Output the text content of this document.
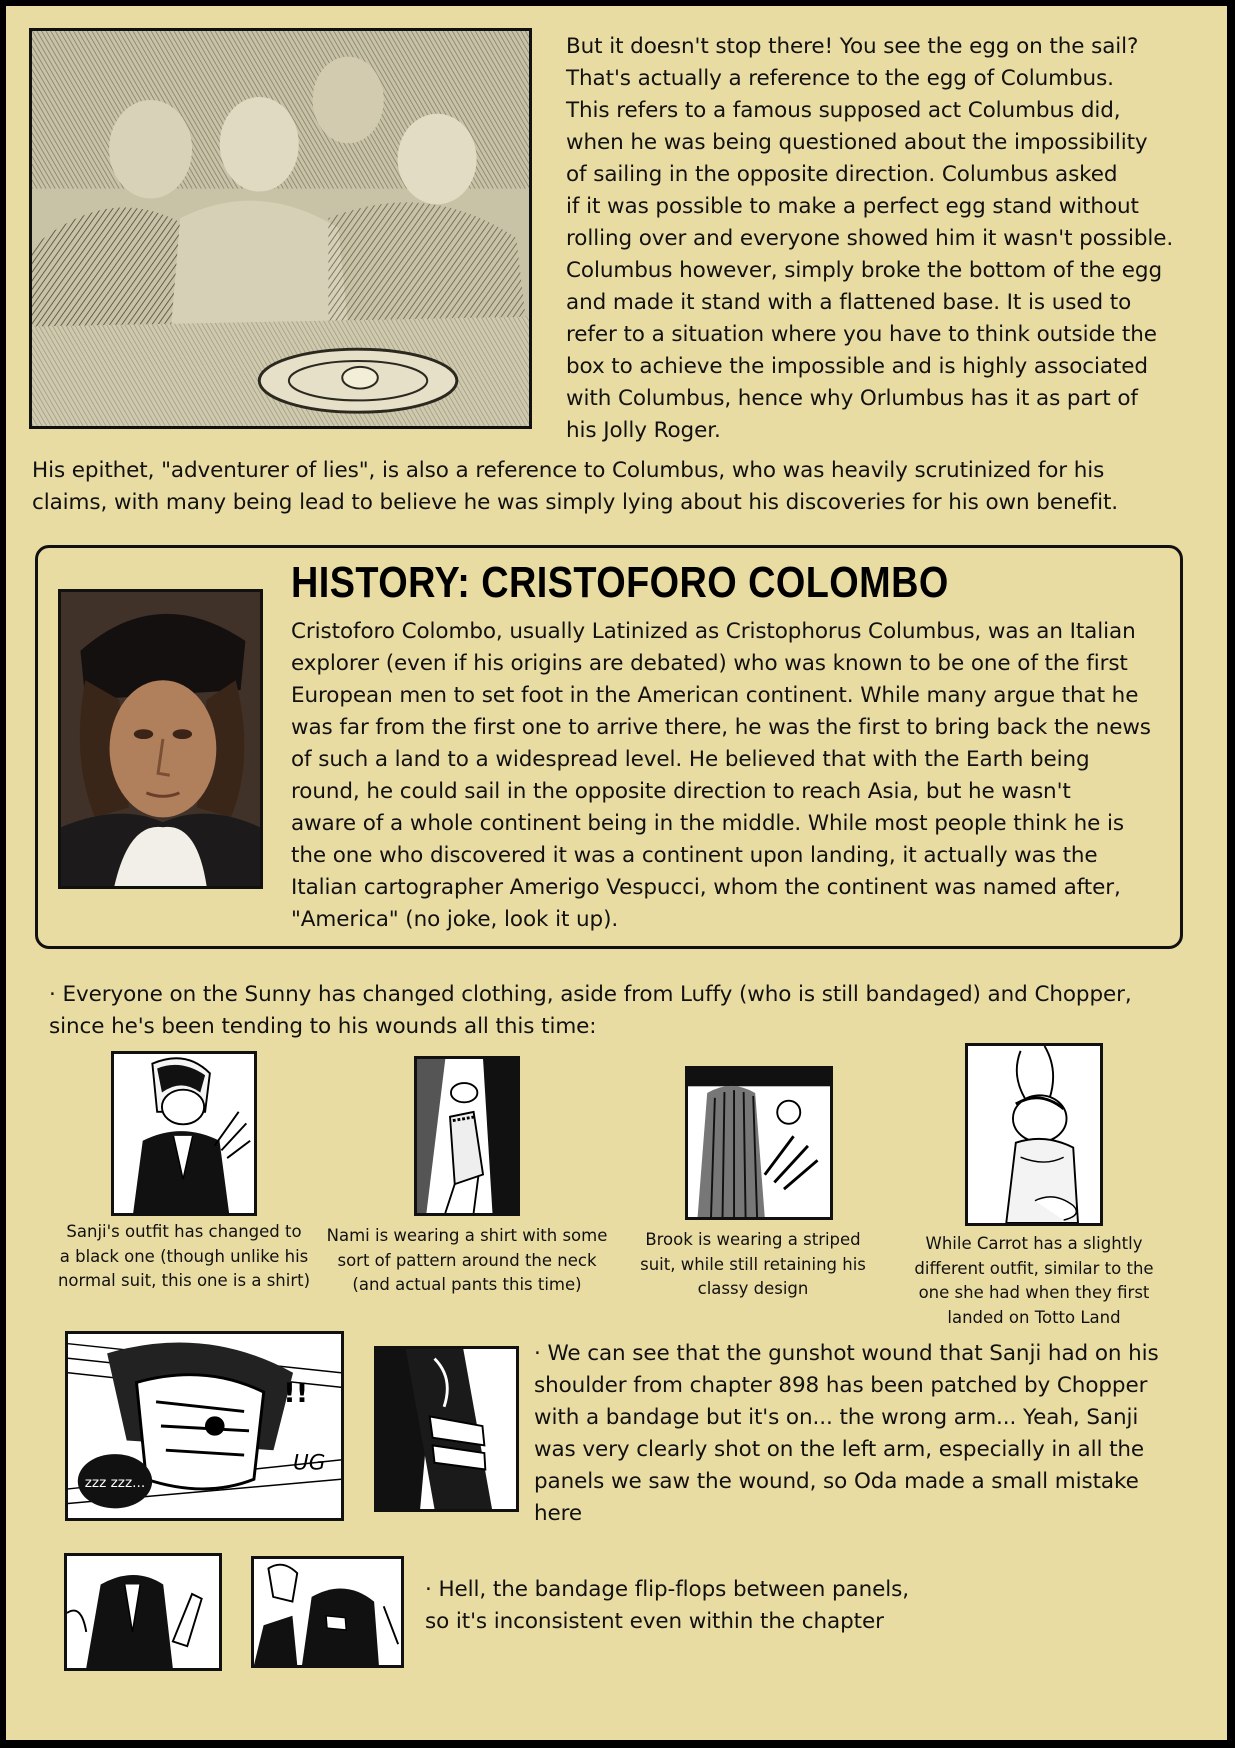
But it doesn't stop there! You see the egg on the sail?
That's actually a reference to the egg of Columbus.
This refers to a famous supposed act Columbus did,
when he was being questioned about the impossibility
of sailing in the opposite direction. Columbus asked
if it was possible to make a perfect egg stand without
rolling over and everyone showed him it wasn't possible.
Columbus however, simply broke the bottom of the egg
and made it stand with a flattened base. It is used to
refer to a situation where you have to think outside the
box to achieve the impossible and is highly associated
with Columbus, hence why Orlumbus has it as part of
his Jolly Roger.
His epithet, "adventurer of lies", is also a reference to Columbus, who was heavily scrutinized for his
claims, with many being lead to believe he was simply lying about his discoveries for his own benefit.
HISTORY: CRISTOFORO COLOMBO
Cristoforo Colombo, usually Latinized as Cristophorus Columbus, was an Italian
explorer (even if his origins are debated) who was known to be one of the first
European men to set foot in the American continent. While many argue that he
was far from the first one to arrive there, he was the first to bring back the news
of such a land to a widespread level. He believed that with the Earth being
round, he could sail in the opposite direction to reach Asia, but he wasn't
aware of a whole continent being in the middle. While most people think he is
the one who discovered it was a continent upon landing, it actually was the
Italian cartographer Amerigo Vespucci, whom the continent was named after,
"America" (no joke, look it up).
· Everyone on the Sunny has changed clothing, aside from Luffy (who is still bandaged) and Chopper,
since he's been tending to his wounds all this time:
Sanji's outfit has changed to
a black one (though unlike his
normal suit, this one is a shirt)
Nami is wearing a shirt with some
sort of pattern around the neck
(and actual pants this time)
Brook is wearing a striped
suit, while still retaining his
classy design
While Carrot has a slightly
different outfit, similar to the
one she had when they first
landed on Totto Land
!!
UG
zzz zzz...
· We can see that the gunshot wound that Sanji had on his
shoulder from chapter 898 has been patched by Chopper
with a bandage but it's on... the wrong arm... Yeah, Sanji
was very clearly shot on the left arm, especially in all the
panels we saw the wound, so Oda made a small mistake
here
· Hell, the bandage flip-flops between panels,
so it's inconsistent even within the chapter
